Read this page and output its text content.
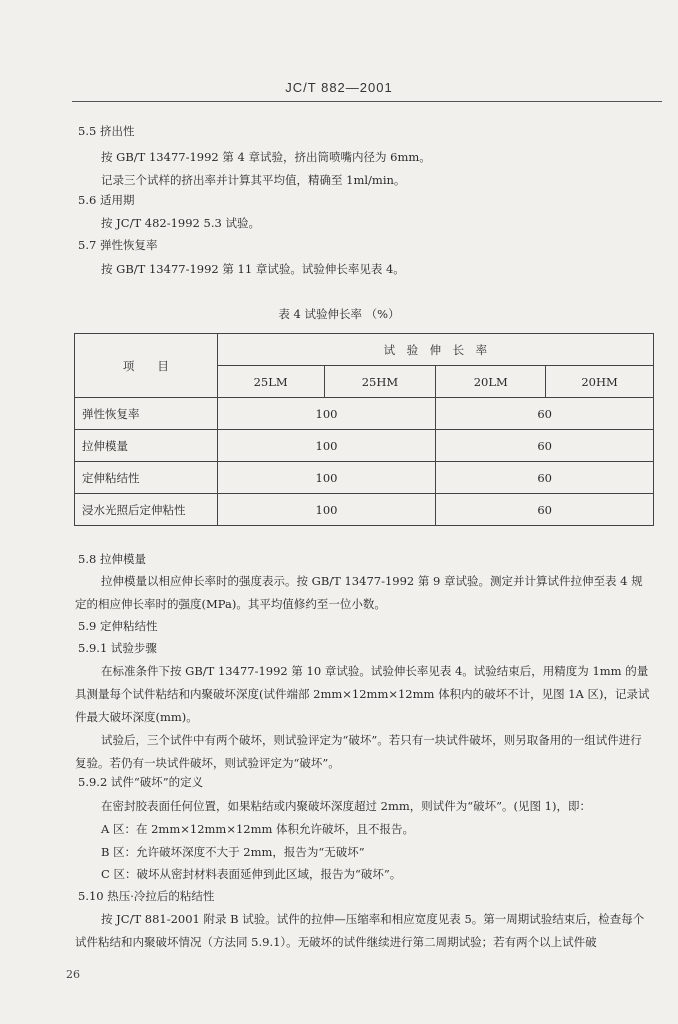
JC/T 882—2001
5.5 挤出性
按 GB/T 13477-1992 第 4 章试验，挤出筒喷嘴内径为 6mm。
记录三个试样的挤出率并计算其平均值，精确至 1ml/min。
5.6 适用期
按 JC/T 482-1992 5.3 试验。
5.7 弹性恢复率
按 GB/T 13477-1992 第 11 章试验。试验伸长率见表 4。
表 4 试验伸长率 （%）
项　　目	试　验　伸　长　率			
	25LM	25HM	20LM	20HM
弹性恢复率	100		60	
拉伸模量	100		60	
定伸粘结性	100		60	
浸水光照后定伸粘性	100		60	
5.8 拉伸模量
拉伸模量以相应伸长率时的强度表示。按 GB/T 13477-1992 第 9 章试验。测定并计算试件拉伸至表 4 规定的相应伸长率时的强度(MPa)。其平均值修约至一位小数。
5.9 定伸粘结性
5.9.1 试验步骤
在标准条件下按 GB/T 13477-1992 第 10 章试验。试验伸长率见表 4。试验结束后，用精度为 1mm 的量具测量每个试件粘结和内聚破坏深度(试件端部 2mm×12mm×12mm 体积内的破坏不计，见图 1A 区)，记录试件最大破坏深度(mm)。
试验后，三个试件中有两个破坏，则试验评定为“破坏”。若只有一块试件破坏，则另取备用的一组试件进行复验。若仍有一块试件破坏，则试验评定为“破坏”。
5.9.2 试件“破坏”的定义
在密封胶表面任何位置，如果粘结或内聚破坏深度超过 2mm，则试件为“破坏”。(见图 1)，即：
A 区：在 2mm×12mm×12mm 体积允许破坏，且不报告。
B 区：允许破坏深度不大于 2mm，报告为“无破坏”
C 区：破坏从密封材料表面延伸到此区域，报告为“破坏”。
5.10 热压·冷拉后的粘结性
按 JC/T 881-2001 附录 B 试验。试件的拉伸—压缩率和相应宽度见表 5。第一周期试验结束后，检查每个试件粘结和内聚破坏情况（方法同 5.9.1）。无破坏的试件继续进行第二周期试验；若有两个以上试件破
26
